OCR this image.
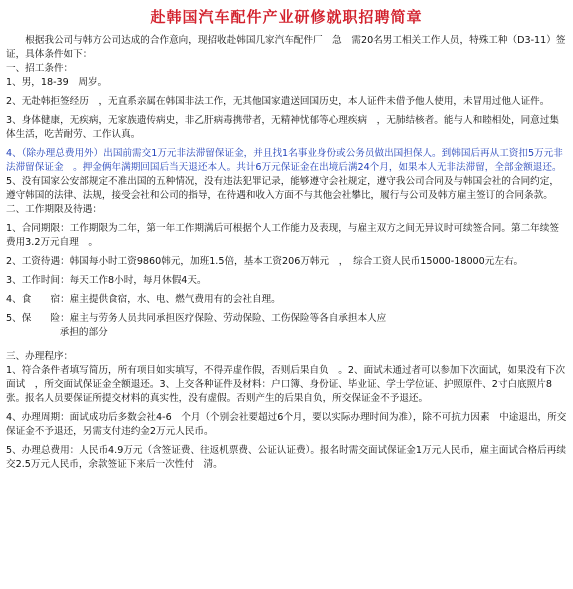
赴韩国汽车配件产业研修就职招聘简章

根据我公司与韩方公司达成的合作意向，现招收赴韩国几家汽车配件厂　急　需20名男工相关工作人员，特殊工种（D3-11）签证，具体条件如下：

一、招工条件：

1、男，18-39　周岁。

2、无赴韩拒签经历　，无直系亲属在韩国非法工作，无其他国家遣送回国历史，本人证件未借予他人使用，未冒用过他人证件。

3、身体健康，无疾病，无家族遗传病史，非乙肝病毒携带者，无精神忧郁等心理疾病　，无肺结核者。能与人和睦相处，同意过集体生活，吃苦耐劳、工作认真。

4、（除办理总费用外）出国前需交1万元非法滞留保证金，并且找1名事业身份或公务员做出国担保人。到韩国后再从工资扣5万元非法滞留保证金　。押金俩年满期回国后当天退还本人。共计6万元保证金在出境后满24个月，如果本人无非法滞留，全部金额退还。

5、没有国家公安部规定不准出国的五种情况，没有违法犯罪记录，能够遵守会社规定，遵守我公司合同及与韩国会社的合同约定，遵守韩国的法律、法规，接受会社和公司的指导，在待遇和收入方面不与其他会社攀比，履行与公司及韩方雇主签订的合同条款。

二、工作期限及待遇：

1、合同期限：工作期限为二年，第一年工作期满后可根据个人工作能力及表现，与雇主双方之间无异议时可续签合同。第二年续签费用3.2万元自理　。

2、工资待遇：韩国每小时工资9860韩元，加班1.5倍，基本工资206万韩元　，　综合工资人民币15000-18000元左右。

3、工作时间：每天工作8小时，每月休假4天。

4、食　　宿：雇主提供食宿，水、电、燃气费用有的会社自理。

5、保　　险：雇主与劳务人员共同承担医疗保险、劳动保险、工伤保险等各自承担本人应

承担的部分

三、办理程序：

1、符合条件者填写简历，所有项目如实填写，不得弄虚作假，否则后果自负　。2、面试未通过者可以参加下次面试，如果没有下次面试　，所交面试保证金全额退还。3、上交各种证件及材料：户口簿、身份证、毕业证、学士学位证、护照原件、2寸白底照片8张。报名人员要保证所提交材料的真实性，没有虚假。否则产生的后果自负，所交保证金不予退还。

4、办理周期：面试成功后多数会社4-6　个月（个别会社要超过6个月，要以实际办理时间为准），除不可抗力因素　中途退出，所交保证金不予退还，另需支付违约金2万元人民币。

5、办理总费用：人民币4.9万元（含签证费、往返机票费、公证认证费）。报名时需交面试保证金1万元人民币，雇主面试合格后再续交2.5万元人民币，余款签证下来后一次性付　清。
